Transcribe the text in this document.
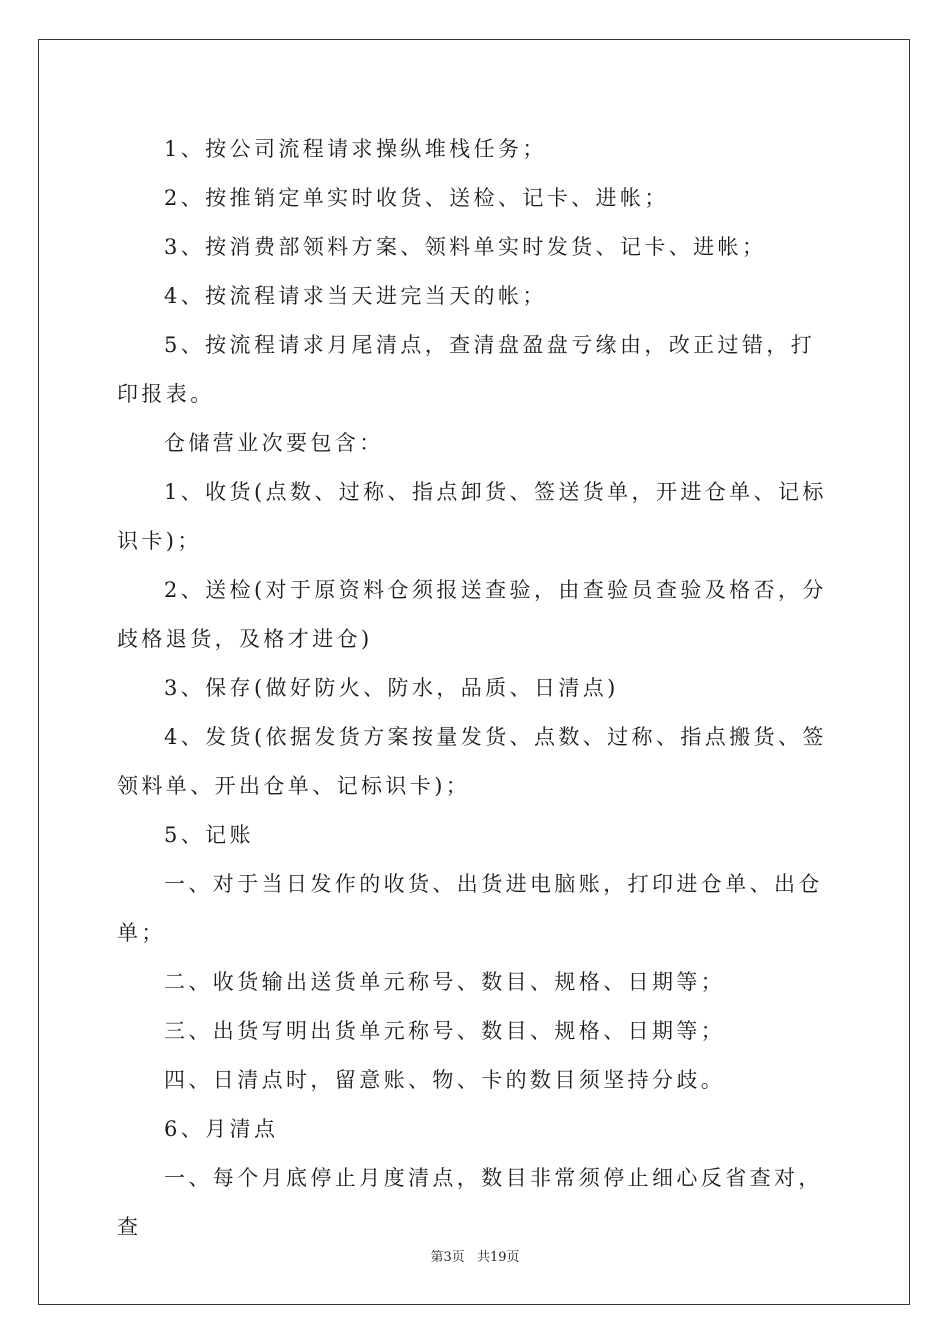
1、按公司流程请求操纵堆栈任务；

2、按推销定单实时收货、送检、记卡、进帐；

3、按消费部领料方案、领料单实时发货、记卡、进帐；

4、按流程请求当天进完当天的帐；

5、按流程请求月尾清点，查清盘盈盘亏缘由，改正过错，打印报表。

仓储营业次要包含：

1、收货(点数、过称、指点卸货、签送货单，开进仓单、记标识卡)；

2、送检(对于原资料仓须报送查验，由查验员查验及格否，分歧格退货，及格才进仓)

3、保存(做好防火、防水，品质、日清点)

4、发货(依据发货方案按量发货、点数、过称、指点搬货、签领料单、开出仓单、记标识卡)；

5、记账

一、对于当日发作的收货、出货进电脑账，打印进仓单、出仓单；

二、收货输出送货单元称号、数目、规格、日期等；

三、出货写明出货单元称号、数目、规格、日期等；

四、日清点时，留意账、物、卡的数目须坚持分歧。

6、月清点

一、每个月底停止月度清点，数目非常须停止细心反省查对，查

第3页 共19页
